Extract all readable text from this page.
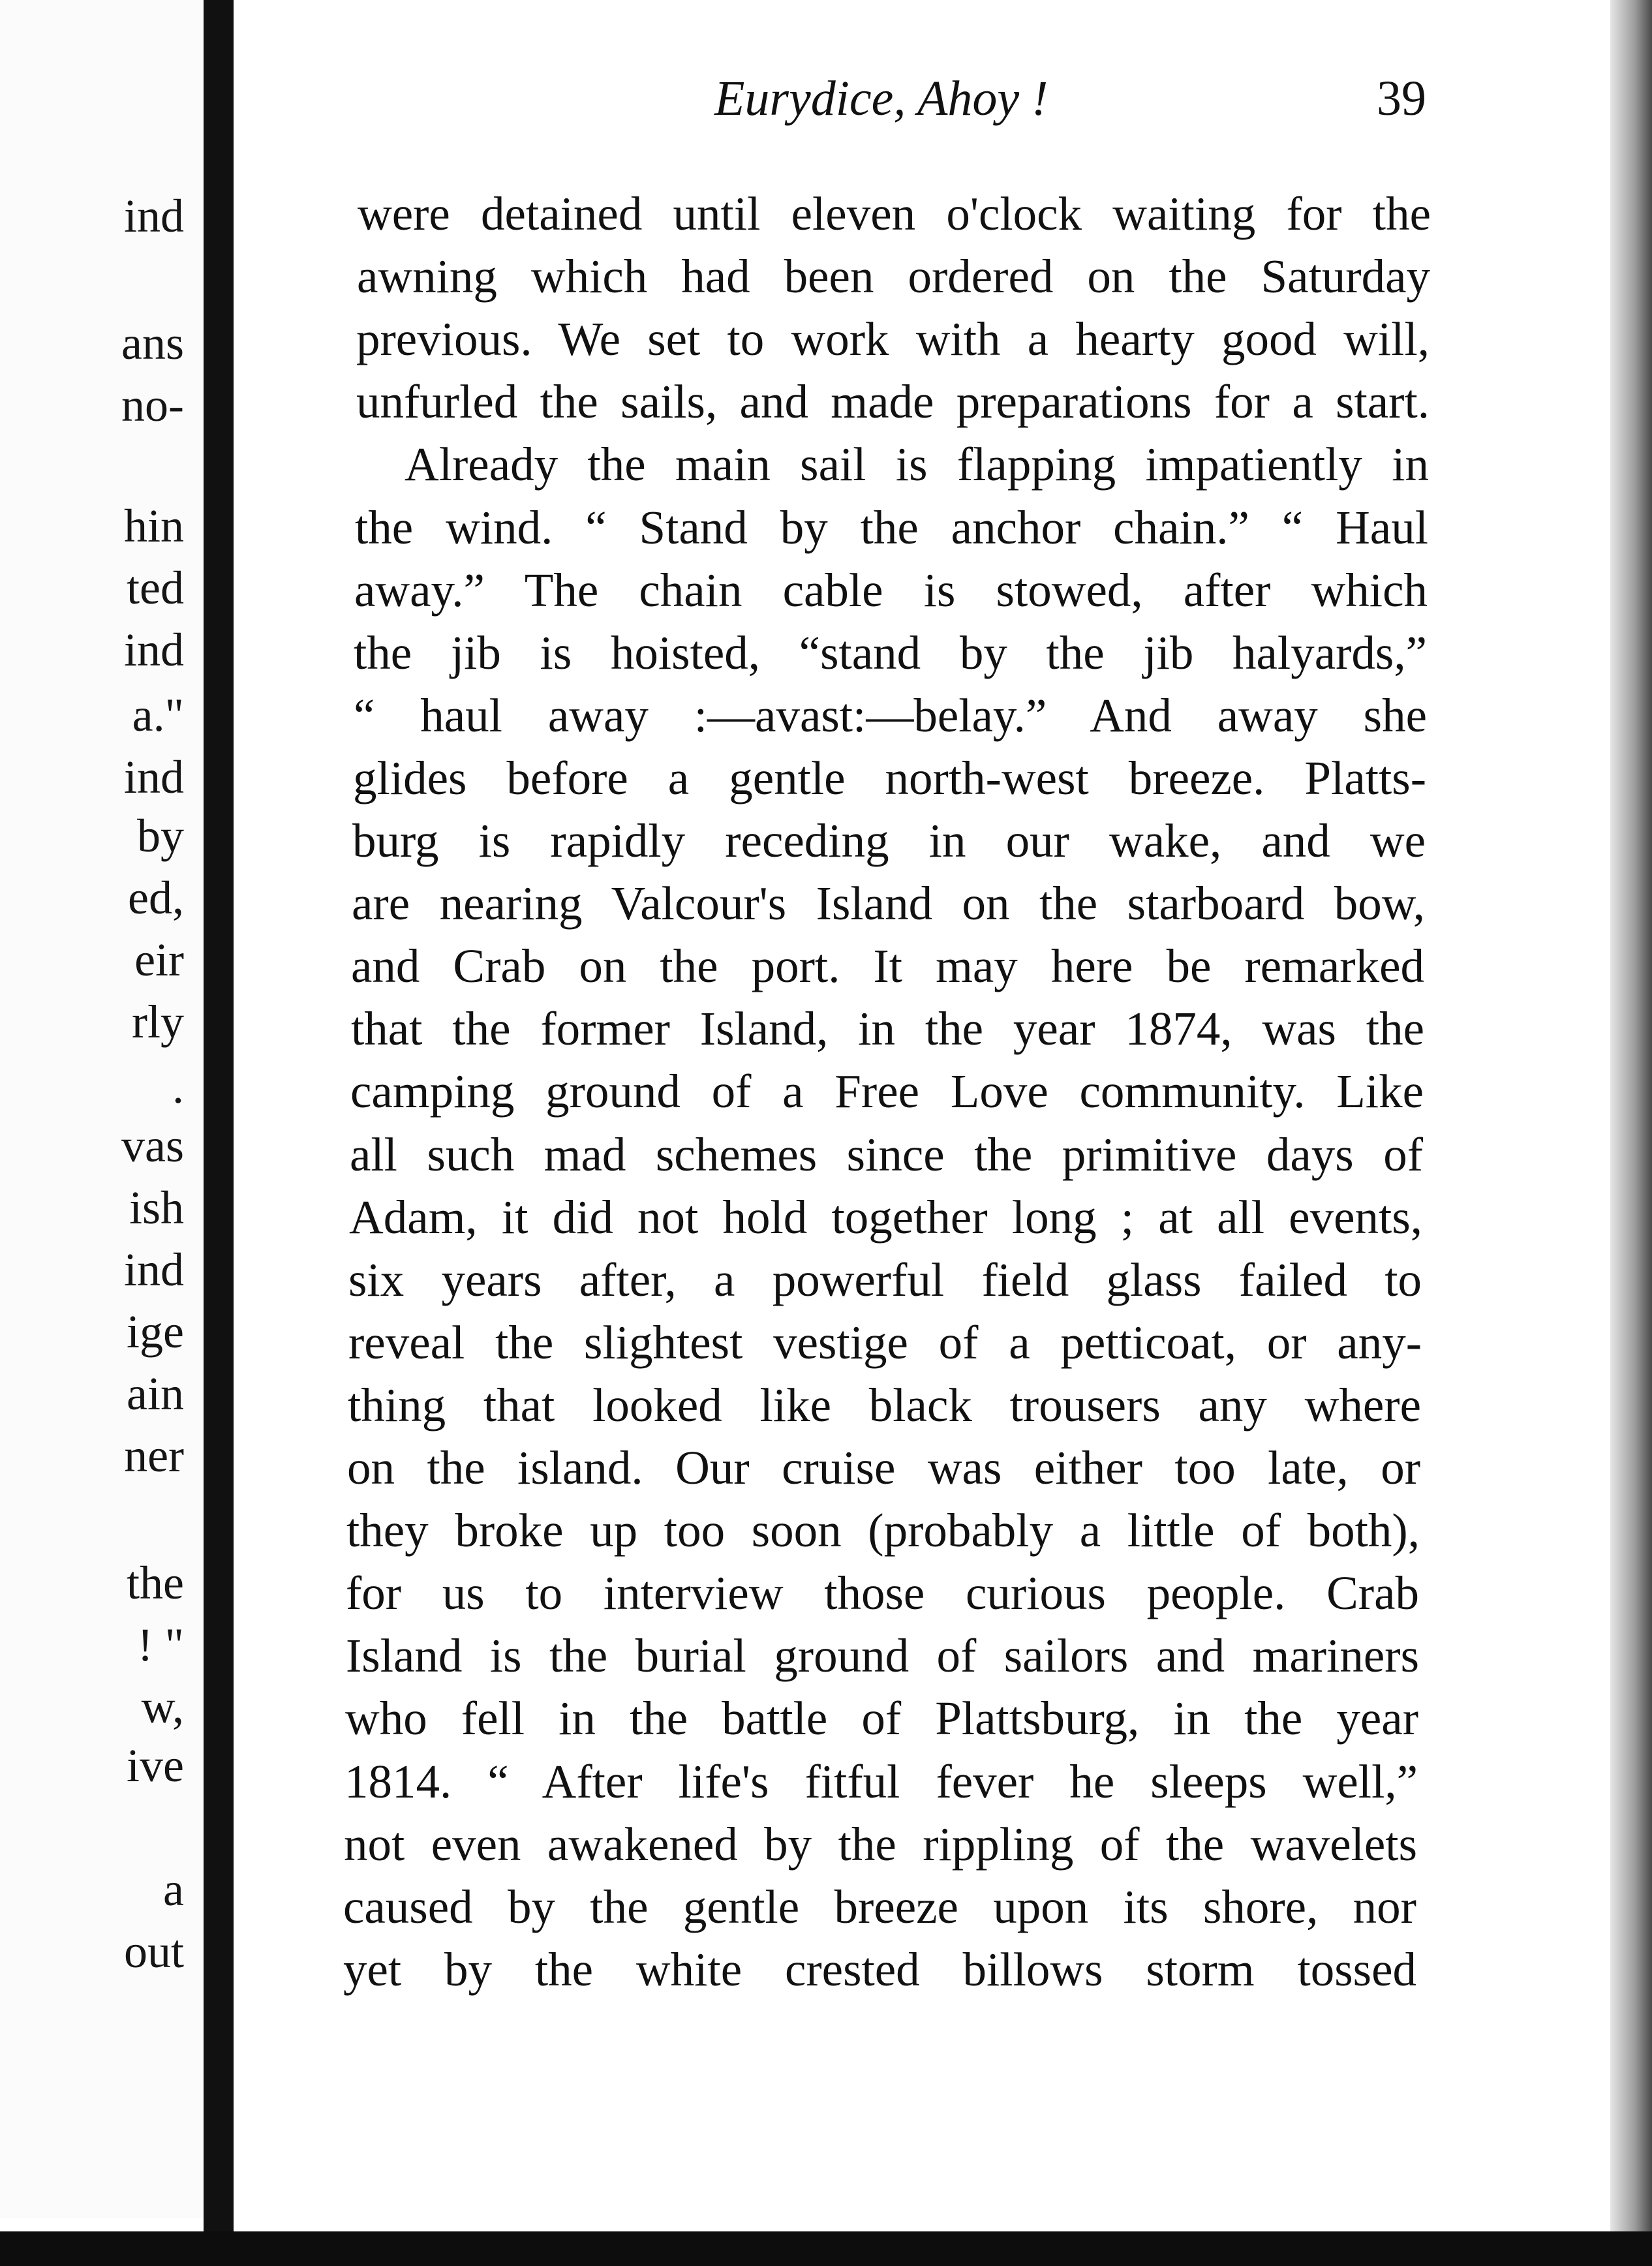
ind
ans
no-
hin
ted
ind
a."
ind
by
ed,
eir
rly
.
vas
ish
ind
ige
ain
ner
the
! "
w,
ive
a
out
Eurydice, Ahoy !	39
were detained until eleven o'clock waiting for the
awning which had been ordered on the Saturday
previous. We set to work with a hearty good will,
unfurled the sails, and made preparations for a start.
Already the main sail is flapping impatiently in
the wind. “ Stand by the anchor chain.” “ Haul
away.” The chain cable is stowed, after which
the jib is hoisted, “stand by the jib halyards,”
“ haul away :—avast:—belay.” And away she
glides before a gentle north-west breeze. Platts-
burg is rapidly receding in our wake, and we
are nearing Valcour's Island on the starboard bow,
and Crab on the port. It may here be remarked
that the former Island, in the year 1874, was the
camping ground of a Free Love community. Like
all such mad schemes since the primitive days of
Adam, it did not hold together long ; at all events,
six years after, a powerful field glass failed to
reveal the slightest vestige of a petticoat, or any-
thing that looked like black trousers any where
on the island. Our cruise was either too late, or
they broke up too soon (probably a little of both),
for us to interview those curious people. Crab
Island is the burial ground of sailors and mariners
who fell in the battle of Plattsburg, in the year
1814. “ After life's fitful fever he sleeps well,”
not even awakened by the rippling of the wavelets
caused by the gentle breeze upon its shore, nor
yet by the white crested billows storm tossed
